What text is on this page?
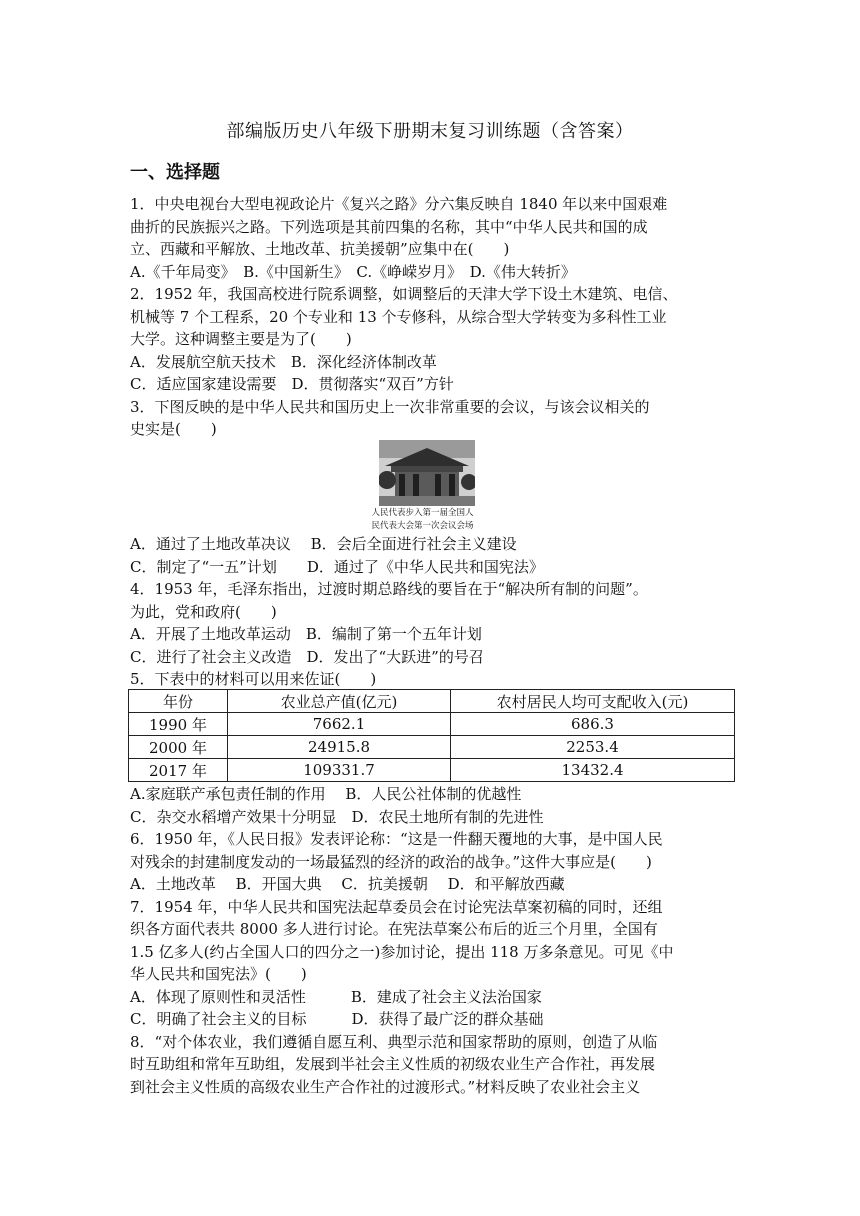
部编版历史八年级下册期末复习训练题（含答案）
一、选择题
1．中央电视台大型电视政论片《复兴之路》分六集反映自 1840 年以来中国艰难
曲折的民族振兴之路。下列选项是其前四集的名称，其中“中华人民共和国的成
立、西藏和平解放、土地改革、抗美援朝”应集中在(　　)
A.《千年局变》　B.《中国新生》　C.《峥嵘岁月》　D.《伟大转折》
2．1952 年，我国高校进行院系调整，如调整后的天津大学下设土木建筑、电信、
机械等 7 个工程系，20 个专业和 13 个专修科，从综合型大学转变为多科性工业
大学。这种调整主要是为了(　　)
A．发展航空航天技术　B．深化经济体制改革
C．适应国家建设需要　D．贯彻落实“双百”方针
3．下图反映的是中华人民共和国历史上一次非常重要的会议，与该会议相关的
史实是(　　)
人民代表步入第一届全国人
民代表大会第一次会议会场
A．通过了土地改革决议　 B．会后全面进行社会主义建设
C．制定了“一五”计划　　D．通过了《中华人民共和国宪法》
4．1953 年，毛泽东指出，过渡时期总路线的要旨在于“解决所有制的问题”。
为此，党和政府(　　)
A．开展了土地改革运动　B．编制了第一个五年计划
C．进行了社会主义改造　D．发出了“大跃进”的号召
5．下表中的材料可以用来佐证(　　)
年份	农业总产值(亿元)	农村居民人均可支配收入(元)
1990 年	7662.1	686.3
2000 年	24915.8	2253.4
2017 年	109331.7	13432.4
A.家庭联产承包责任制的作用　 B．人民公社体制的优越性
C．杂交水稻增产效果十分明显　D．农民土地所有制的先进性
6．1950 年，《人民日报》发表评论称：“这是一件翻天覆地的大事，是中国人民
对残余的封建制度发动的一场最猛烈的经济的政治的战争。”这件大事应是(　　)
A．土地改革　 B．开国大典　 C．抗美援朝　 D．和平解放西藏
7．1954 年，中华人民共和国宪法起草委员会在讨论宪法草案初稿的同时，还组
织各方面代表共 8000 多人进行讨论。在宪法草案公布后的近三个月里，全国有
1.5 亿多人(约占全国人口的四分之一)参加讨论，提出 118 万多条意见。可见《中
华人民共和国宪法》(　　)
A．体现了原则性和灵活性　　　B．建成了社会主义法治国家
C．明确了社会主义的目标　　　D．获得了最广泛的群众基础
8．“对个体农业，我们遵循自愿互利、典型示范和国家帮助的原则，创造了从临
时互助组和常年互助组，发展到半社会主义性质的初级农业生产合作社，再发展
到社会主义性质的高级农业生产合作社的过渡形式。”材料反映了农业社会主义
